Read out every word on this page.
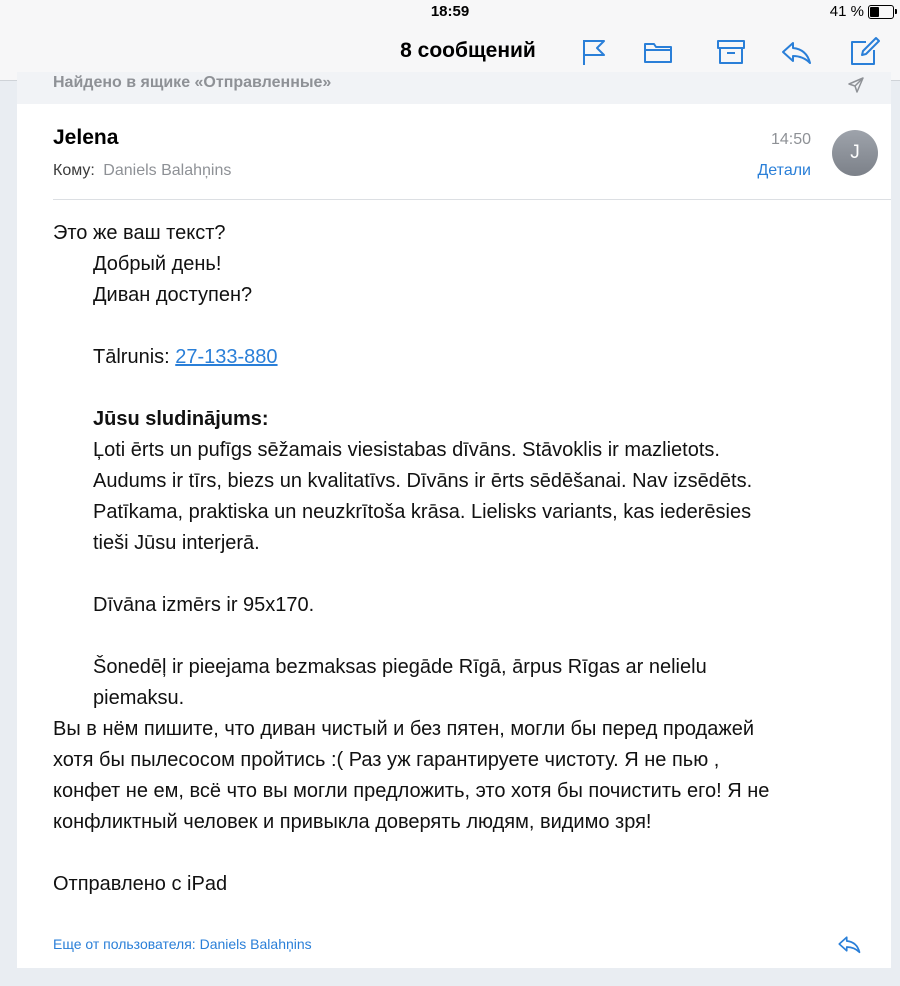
18:59	41 %
8 сообщений
Найдено в ящике «Отправленные»
Jelena	14:50
J
Кому: Daniels Balahņins	Детали
Это же ваш текст?
Добрый день!
Диван доступен?
Tālrunis: 27-133-880
Jūsu sludinājums:
Ļoti ērts un pufīgs sēžamais viesistabas dīvāns. Stāvoklis ir mazlietots.
Audums ir tīrs, biezs un kvalitatīvs. Dīvāns ir ērts sēdēšanai. Nav izsēdēts.
Patīkama, praktiska un neuzkrītoša krāsa. Lielisks variants, kas iederēsies
tieši Jūsu interjerā.
Dīvāna izmērs ir 95x170.
Šonedēļ ir pieejama bezmaksas piegāde Rīgā, ārpus Rīgas ar nelielu
piemaksu.
Вы в нём пишите, что диван чистый и без пятен, могли бы перед продажей
хотя бы пылесосом пройтись :( Раз уж гарантируете чистоту. Я не пью ,
конфет не ем, всё что вы могли предложить, это хотя бы почистить его! Я не
конфликтный человек и привыкла доверять людям, видимо зря!
Отправлено с iPad
Еще от пользователя: Daniels Balahņins
